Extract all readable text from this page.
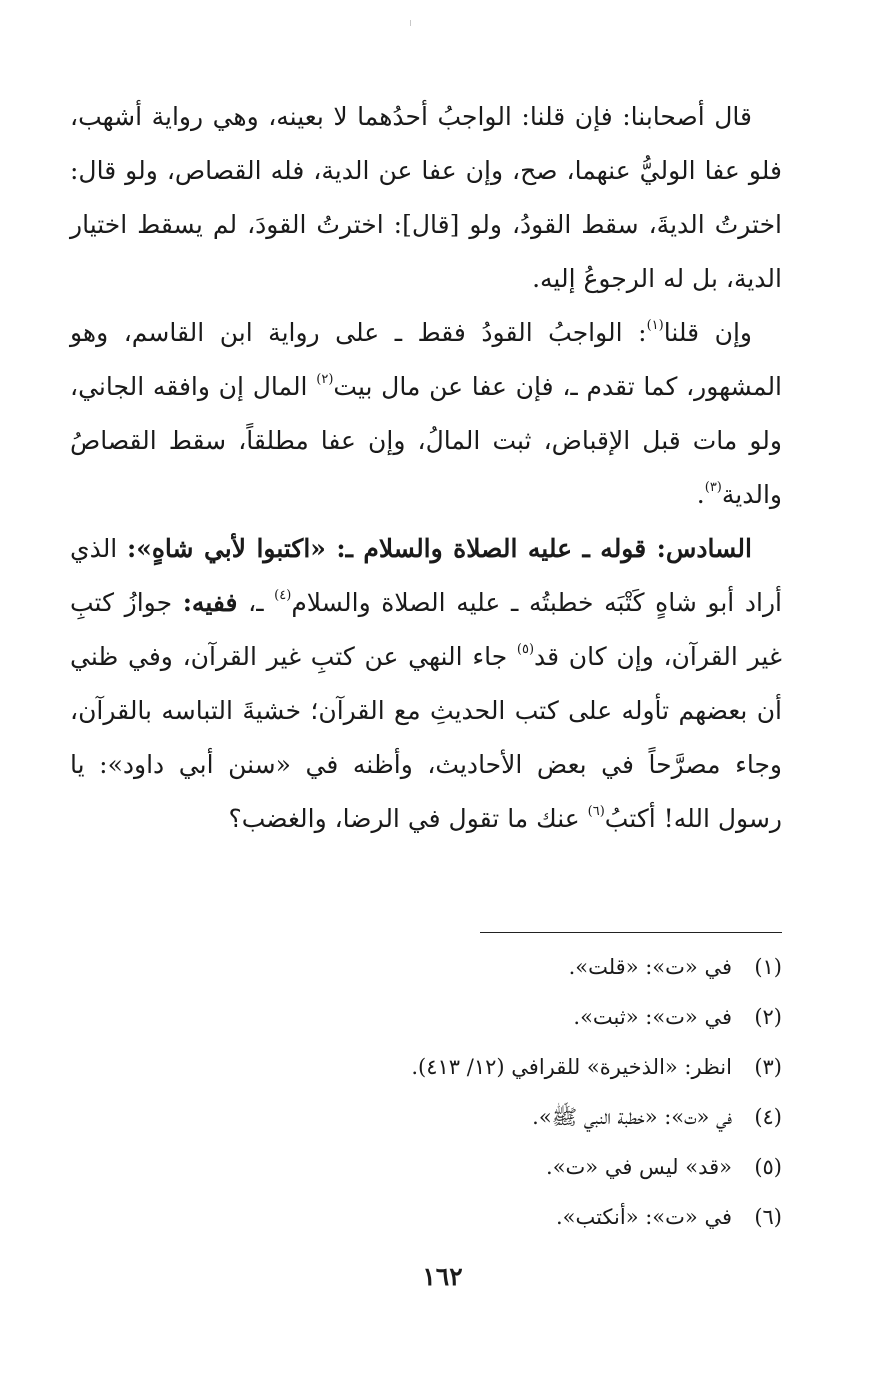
قال أصحابنا: فإن قلنا: الواجبُ أحدُهما لا بعينه، وهي رواية أشهب، فلو عفا الوليُّ عنهما، صح، وإن عفا عن الدية، فله القصاص، ولو قال: اخترتُ الديةَ، سقط القودُ، ولو [قال]: اخترتُ القودَ، لم يسقط اختيار الدية، بل له الرجوعُ إليه.

وإن قلنا$^{(١)}$: الواجبُ القودُ فقط ـ على رواية ابن القاسم، وهو المشهور، كما تقدم ـ، فإن عفا عن مال بيت$^{(٢)}$ المال إن وافقه الجاني، ولو مات قبل الإقباض، ثبت المالُ، وإن عفا مطلقاً، سقط القصاصُ والدية$^{(٣)}$.

السادس: قوله ـ عليه الصلاة والسلام ـ: «اكتبوا لأبي شاهٍ»: الذي أراد أبو شاهٍ كَتْبَه خطبتُه ـ عليه الصلاة والسلام$^{(٤)}$ ـ، ففيه: جوازُ كتبِ غير القرآن، وإن كان قد$^{(٥)}$ جاء النهي عن كتبِ غير القرآن، وفي ظني أن بعضهم تأوله على كتب الحديثِ مع القرآن؛ خشيةَ التباسه بالقرآن، وجاء مصرَّحاً في بعض الأحاديث، وأظنه في «سنن أبي داود»: يا رسول الله! أكتبُ$^{(٦)}$ عنك ما تقول في الرضا، والغضب؟

(١)في «ت»: «قلت».

(٢)في «ت»: «ثبت».

(٣)انظر: «الذخيرة» للقرافي (١٢/ ٤١٣).

(٤)في «ت»: «خطبة النبي ﷺ».

(٥)«قد» ليس في «ت».

(٦)في «ت»: «أنكتب».

١٦٢
